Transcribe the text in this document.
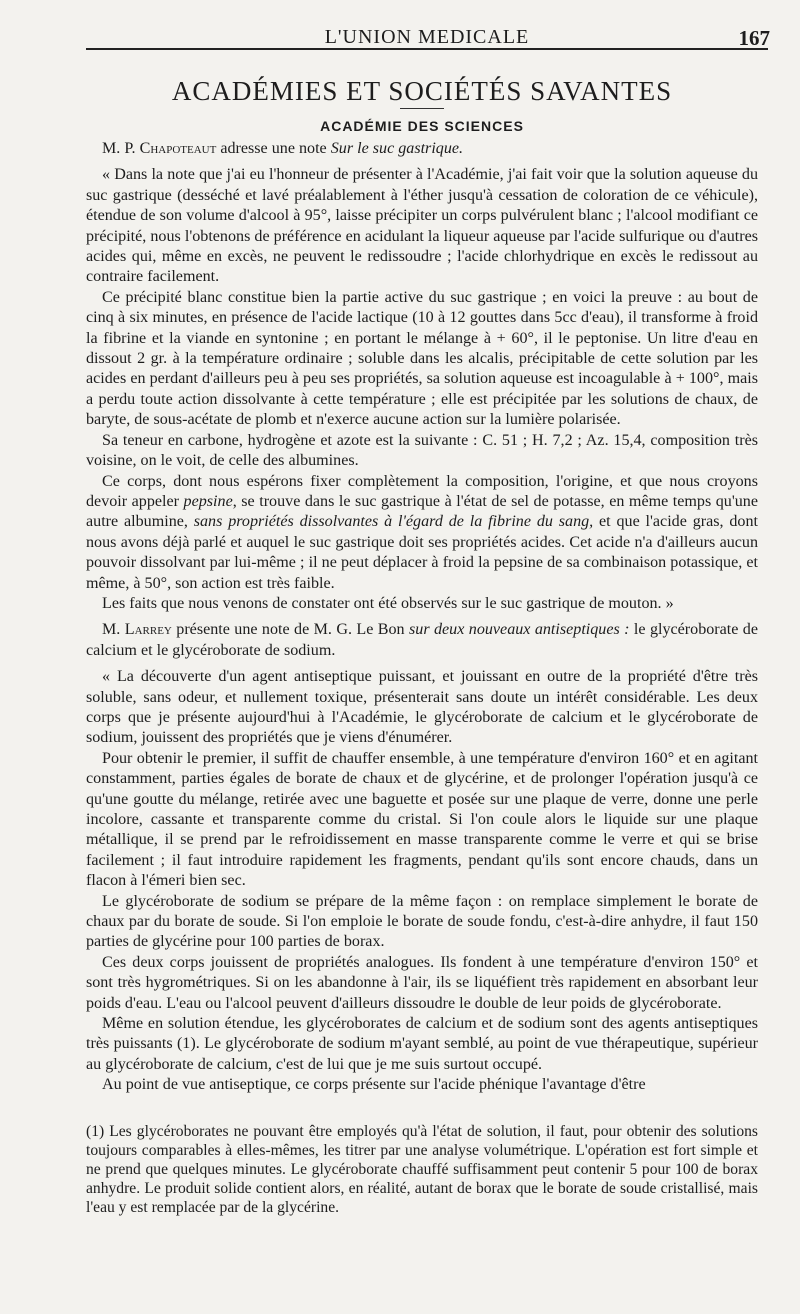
L'UNION MEDICALE	167
ACADÉMIES ET SOCIÉTÉS SAVANTES
ACADÉMIE DES SCIENCES

M. P. Chapoteaut adresse une note Sur le suc gastrique.

« Dans la note que j'ai eu l'honneur de présenter à l'Académie, j'ai fait voir que la solution aqueuse du suc gastrique (desséché et lavé préalablement à l'éther jusqu'à cessation de coloration de ce véhicule), étendue de son volume d'alcool à 95°, laisse précipiter un corps pulvérulent blanc ; l'alcool modifiant ce précipité, nous l'obtenons de préférence en acidulant la liqueur aqueuse par l'acide sulfurique ou d'autres acides qui, même en excès, ne peuvent le redissoudre ; l'acide chlorhydrique en excès le redissout au contraire facilement.

Ce précipité blanc constitue bien la partie active du suc gastrique ; en voici la preuve : au bout de cinq à six minutes, en présence de l'acide lactique (10 à 12 gouttes dans 5cc d'eau), il transforme à froid la fibrine et la viande en syntonine ; en portant le mélange à + 60°, il le peptonise. Un litre d'eau en dissout 2 gr. à la température ordinaire ; soluble dans les alcalis, précipitable de cette solution par les acides en perdant d'ailleurs peu à peu ses propriétés, sa solution aqueuse est incoagulable à + 100°, mais a perdu toute action dissolvante à cette température ; elle est précipitée par les solutions de chaux, de baryte, de sous-acétate de plomb et n'exerce aucune action sur la lumière polarisée.

Sa teneur en carbone, hydrogène et azote est la suivante : C. 51 ; H. 7,2 ; Az. 15,4, composition très voisine, on le voit, de celle des albumines.

Ce corps, dont nous espérons fixer complètement la composition, l'origine, et que nous croyons devoir appeler pepsine, se trouve dans le suc gastrique à l'état de sel de potasse, en même temps qu'une autre albumine, sans propriétés dissolvantes à l'égard de la fibrine du sang, et que l'acide gras, dont nous avons déjà parlé et auquel le suc gastrique doit ses propriétés acides. Cet acide n'a d'ailleurs aucun pouvoir dissolvant par lui-même ; il ne peut déplacer à froid la pepsine de sa combinaison potassique, et même, à 50°, son action est très faible.

Les faits que nous venons de constater ont été observés sur le suc gastrique de mouton. »

M. Larrey présente une note de M. G. Le Bon sur deux nouveaux antiseptiques : le glycéroborate de calcium et le glycéroborate de sodium.

« La découverte d'un agent antiseptique puissant, et jouissant en outre de la propriété d'être très soluble, sans odeur, et nullement toxique, présenterait sans doute un intérêt considérable. Les deux corps que je présente aujourd'hui à l'Académie, le glycéroborate de calcium et le glycéroborate de sodium, jouissent des propriétés que je viens d'énumérer.

Pour obtenir le premier, il suffit de chauffer ensemble, à une température d'environ 160° et en agitant constamment, parties égales de borate de chaux et de glycérine, et de prolonger l'opération jusqu'à ce qu'une goutte du mélange, retirée avec une baguette et posée sur une plaque de verre, donne une perle incolore, cassante et transparente comme du cristal. Si l'on coule alors le liquide sur une plaque métallique, il se prend par le refroidissement en masse transparente comme le verre et qui se brise facilement ; il faut introduire rapidement les fragments, pendant qu'ils sont encore chauds, dans un flacon à l'émeri bien sec.

Le glycéroborate de sodium se prépare de la même façon : on remplace simplement le borate de chaux par du borate de soude. Si l'on emploie le borate de soude fondu, c'est-à-dire anhydre, il faut 150 parties de glycérine pour 100 parties de borax.

Ces deux corps jouissent de propriétés analogues. Ils fondent à une température d'environ 150° et sont très hygrométriques. Si on les abandonne à l'air, ils se liquéfient très rapidement en absorbant leur poids d'eau. L'eau ou l'alcool peuvent d'ailleurs dissoudre le double de leur poids de glycéroborate.

Même en solution étendue, les glycéroborates de calcium et de sodium sont des agents antiseptiques très puissants (1). Le glycéroborate de sodium m'ayant semblé, au point de vue thérapeutique, supérieur au glycéroborate de calcium, c'est de lui que je me suis surtout occupé.

Au point de vue antiseptique, ce corps présente sur l'acide phénique l'avantage d'être

(1) Les glycéroborates ne pouvant être employés qu'à l'état de solution, il faut, pour obtenir des solutions toujours comparables à elles-mêmes, les titrer par une analyse volumétrique. L'opération est fort simple et ne prend que quelques minutes. Le glycéroborate chauffé suffisamment peut contenir 5 pour 100 de borax anhydre. Le produit solide contient alors, en réalité, autant de borax que le borate de soude cristallisé, mais l'eau y est remplacée par de la glycérine.
